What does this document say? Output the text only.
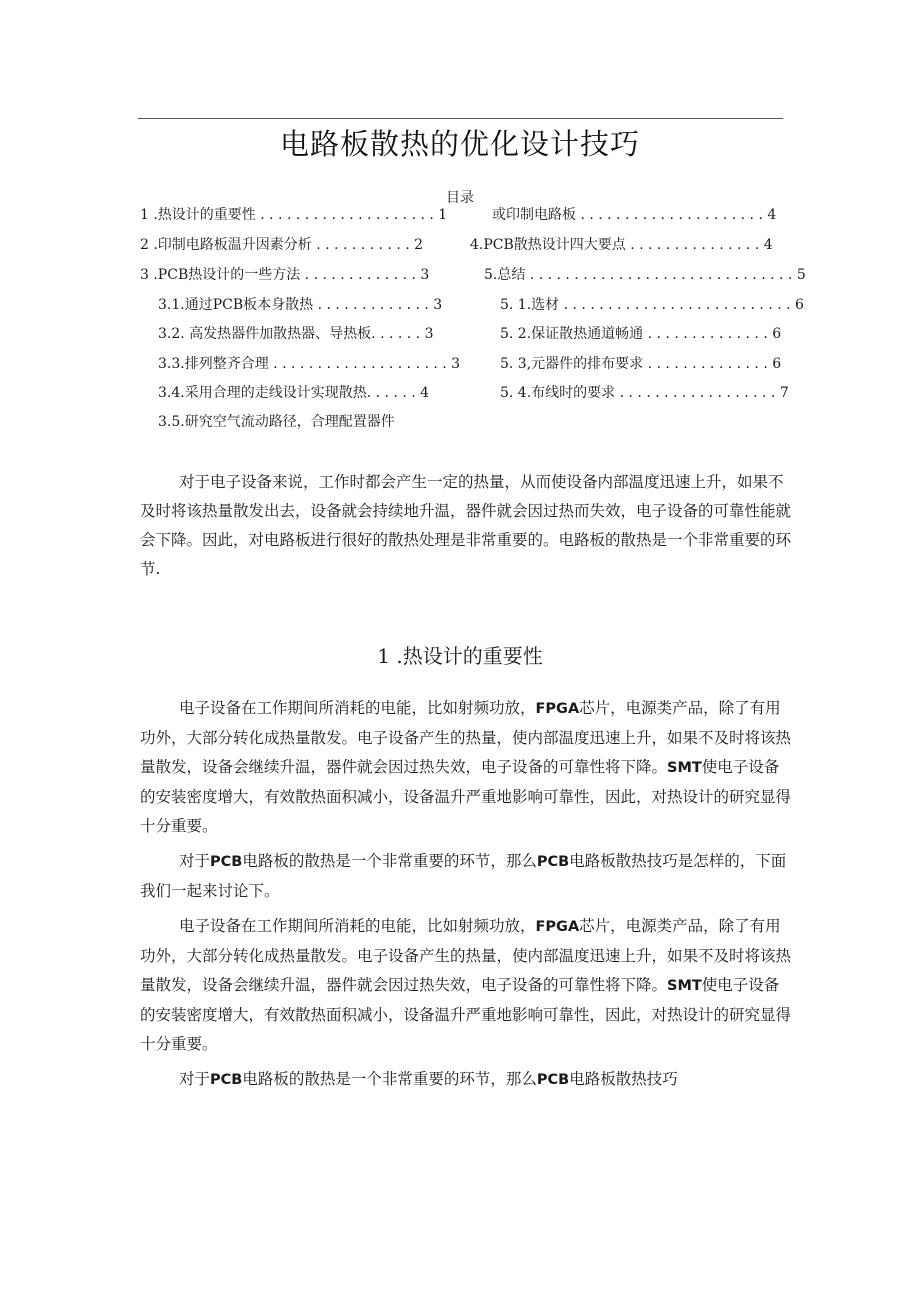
电路板散热的优化设计技巧
目录
1 .热设计的重要性 . . . . . . . . . . . . . . . . . . . . 1
2 .印制电路板温升因素分析 . . . . . . . . . . . 2
3 .PCB热设计的一些方法 . . . . . . . . . . . . . 3
3.1.通过PCB板本身散热 . . . . . . . . . . . . . 3
3.2. 高发热器件加散热器、导热板. . . . . . 3
3.3.排列整齐合理 . . . . . . . . . . . . . . . . . . . . 3
3.4.采用合理的走线设计实现散热. . . . . . 4
3.5.研究空气流动路径，合理配置器件
或印制电路板 . . . . . . . . . . . . . . . . . . . . . 4
4.PCB散热设计四大要点 . . . . . . . . . . . . . . . 4
5.总结 . . . . . . . . . . . . . . . . . . . . . . . . . . . . . . 5
5. 1.选材 . . . . . . . . . . . . . . . . . . . . . . . . . . 6
5. 2.保证散热通道畅通 . . . . . . . . . . . . . . 6
5. 3,元器件的排布要求 . . . . . . . . . . . . . . 6
5. 4.布线时的要求 . . . . . . . . . . . . . . . . . . 7

对于电子设备来说，工作时都会产生一定的热量，从而使设备内部温度迅速上升，如果不及时将该热量散发出去，设备就会持续地升温，器件就会因过热而失效，电子设备的可靠性能就会下降。因此，对电路板进行很好的散热处理是非常重要的。电路板的散热是一个非常重要的环节.

1 .热设计的重要性

电子设备在工作期间所消耗的电能，比如射频功放，FPGA芯片，电源类产品，除了有用功外，大部分转化成热量散发。电子设备产生的热量，使内部温度迅速上升，如果不及时将该热量散发，设备会继续升温，器件就会因过热失效，电子设备的可靠性将下降。SMT使电子设备的安装密度增大，有效散热面积减小，设备温升严重地影响可靠性，因此，对热设计的研究显得十分重要。

对于PCB电路板的散热是一个非常重要的环节，那么PCB电路板散热技巧是怎样的，下面我们一起来讨论下。

电子设备在工作期间所消耗的电能，比如射频功放，FPGA芯片，电源类产品，除了有用功外，大部分转化成热量散发。电子设备产生的热量，使内部温度迅速上升，如果不及时将该热量散发，设备会继续升温，器件就会因过热失效，电子设备的可靠性将下降。SMT使电子设备的安装密度增大，有效散热面积减小，设备温升严重地影响可靠性，因此，对热设计的研究显得十分重要。

对于PCB电路板的散热是一个非常重要的环节，那么PCB电路板散热技巧
